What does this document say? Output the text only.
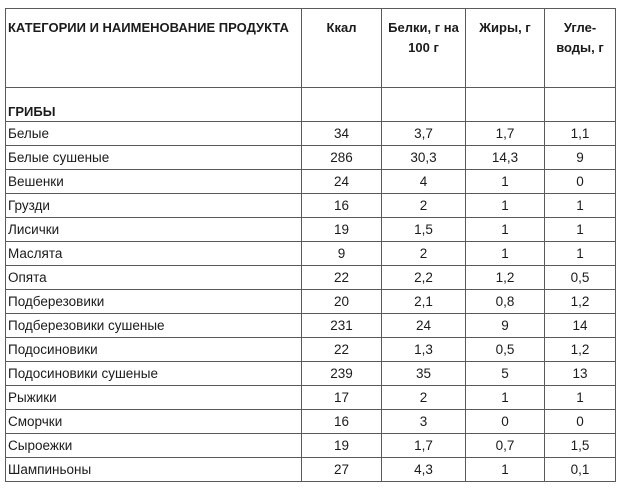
КАТЕГОРИИ И НАИМЕНОВАНИЕ ПРОДУКТА	Ккал	Белки, г на 100 г	Жиры, г	Угле-воды, г
ГРИБЫ				
Белые	34	3,7	1,7	1,1
Белые сушеные	286	30,3	14,3	9
Вешенки	24	4	1	0
Грузди	16	2	1	1
Лисички	19	1,5	1	1
Маслята	9	2	1	1
Опята	22	2,2	1,2	0,5
Подберезовики	20	2,1	0,8	1,2
Подберезовики сушеные	231	24	9	14
Подосиновики	22	1,3	0,5	1,2
Подосиновики сушеные	239	35	5	13
Рыжики	17	2	1	1
Сморчки	16	3	0	0
Сыроежки	19	1,7	0,7	1,5
Шампиньоны	27	4,3	1	0,1
